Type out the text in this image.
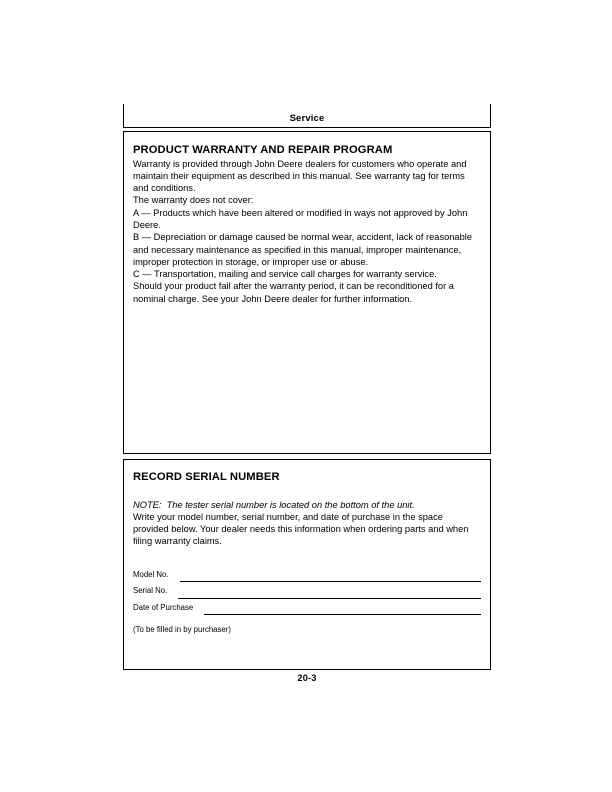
Service
PRODUCT WARRANTY AND REPAIR PROGRAM

Warranty is provided through John Deere dealers for customers who operate and maintain their equipment as described in this manual. See warranty tag for terms and conditions.

The warranty does not cover:

A — Products which have been altered or modified in ways not approved by John Deere.

B — Depreciation or damage caused be normal wear, accident, lack of reasonable and necessary maintenance as specified in this manual, improper maintenance, improper protection in storage, or improper use or abuse.

C — Transportation, mailing and service call charges for warranty service.

Should your product fail after the warranty period, it can be reconditioned for a nominal charge. See your John Deere dealer for further information.

RECORD SERIAL NUMBER

NOTE: The tester serial number is located on the bottom of the unit.

Write your model number, serial number, and date of purchase in the space provided below. Your dealer needs this information when ordering parts and when filing warranty claims.

Model No.
Serial No.
Date of Purchase

(To be filled in by purchaser)

20-3
